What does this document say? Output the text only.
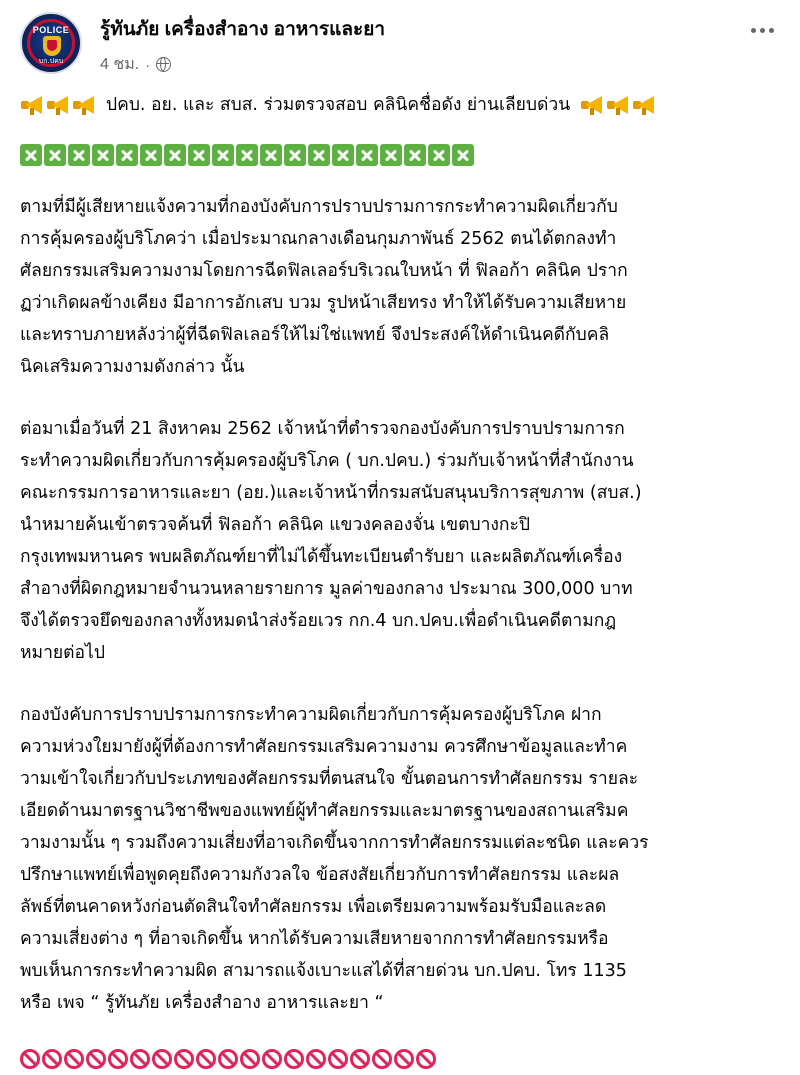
POLICE
บก.ปคบ
รู้ทันภัย เครื่องสำอาง อาหารและยา
4 ชม. ·
ปคบ. อย. และ สบส. ร่วมตรวจสอบ คลินิคชื่อดัง ย่านเลียบด่วน
ตามที่มีผู้เสียหายแจ้งความที่กองบังคับการปราบปรามการกระทำความผิดเกี่ยวกับ
การคุ้มครองผู้บริโภคว่า เมื่อประมาณกลางเดือนกุมภาพันธ์ 2562 ตนได้ตกลงทำ
ศัลยกรรมเสริมความงามโดยการฉีดฟิลเลอร์บริเวณใบหน้า ที่ ฟิลอก้า คลินิค ปราก
ฏว่าเกิดผลข้างเคียง มีอาการอักเสบ บวม รูปหน้าเสียทรง ทำให้ได้รับความเสียหาย
และทราบภายหลังว่าผู้ที่ฉีดฟิลเลอร์ให้ไม่ใช่แพทย์ จึงประสงค์ให้ดำเนินคดีกับคลิ
นิคเสริมความงามดังกล่าว นั้น
ต่อมาเมื่อวันที่ 21 สิงหาคม 2562 เจ้าหน้าที่ตำรวจกองบังคับการปราบปรามการก
ระทำความผิดเกี่ยวกับการคุ้มครองผู้บริโภค ( บก.ปคบ.) ร่วมกับเจ้าหน้าที่สำนักงาน
คณะกรรมการอาหารและยา (อย.)และเจ้าหน้าที่กรมสนับสนุนบริการสุขภาพ (สบส.)
นำหมายค้นเข้าตรวจค้นที่ ฟิลอก้า คลินิค แขวงคลองจั่น เขตบางกะปิ
กรุงเทพมหานคร พบผลิตภัณฑ์ยาที่ไม่ได้ขึ้นทะเบียนตำรับยา และผลิตภัณฑ์เครื่อง
สำอางที่ผิดกฎหมายจำนวนหลายรายการ มูลค่าของกลาง ประมาณ 300,000 บาท
จึงได้ตรวจยึดของกลางทั้งหมดนำส่งร้อยเวร กก.4 บก.ปคบ.เพื่อดำเนินคดีตามกฎ
หมายต่อไป
กองบังคับการปราบปรามการกระทำความผิดเกี่ยวกับการคุ้มครองผู้บริโภค ฝาก
ความห่วงใยมายังผู้ที่ต้องการทำศัลยกรรมเสริมความงาม ควรศึกษาข้อมูลและทำค
วามเข้าใจเกี่ยวกับประเภทของศัลยกรรมที่ตนสนใจ ขั้นตอนการทำศัลยกรรม รายละ
เอียดด้านมาตรฐานวิชาชีพของแพทย์ผู้ทำศัลยกรรมและมาตรฐานของสถานเสริมค
วามงามนั้น ๆ รวมถึงความเสี่ยงที่อาจเกิดขึ้นจากการทำศัลยกรรมแต่ละชนิด และควร
ปรึกษาแพทย์เพื่อพูดคุยถึงความกังวลใจ ข้อสงสัยเกี่ยวกับการทำศัลยกรรม และผล
ลัพธ์ที่ตนคาดหวังก่อนตัดสินใจทำศัลยกรรม เพื่อเตรียมความพร้อมรับมือและลด
ความเสี่ยงต่าง ๆ ที่อาจเกิดขึ้น หากได้รับความเสียหายจากการทำศัลยกรรมหรือ
พบเห็นการกระทำความผิด สามารถแจ้งเบาะแสได้ที่สายด่วน บก.ปคบ. โทร 1135
หรือ เพจ “ รู้ทันภัย เครื่องสำอาง อาหารและยา “
